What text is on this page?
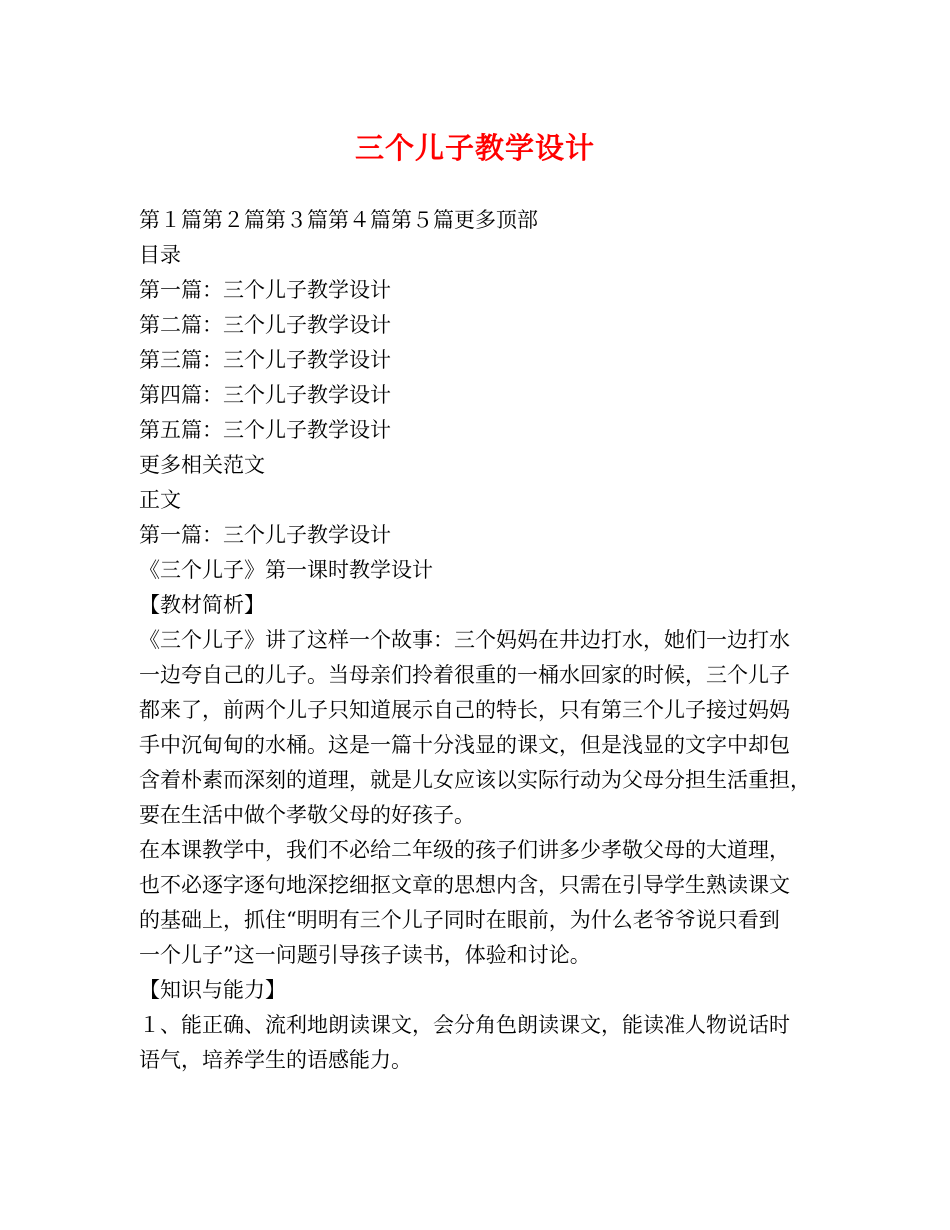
三个儿子教学设计
第１篇第２篇第３篇第４篇第５篇更多顶部
目录
第一篇：三个儿子教学设计
第二篇：三个儿子教学设计
第三篇：三个儿子教学设计
第四篇：三个儿子教学设计
第五篇：三个儿子教学设计
更多相关范文
正文
第一篇：三个儿子教学设计
《三个儿子》第一课时教学设计
【教材简析】
《三个儿子》讲了这样一个故事：三个妈妈在井边打水，她们一边打水
一边夸自己的儿子。当母亲们拎着很重的一桶水回家的时候，三个儿子
都来了，前两个儿子只知道展示自己的特长，只有第三个儿子接过妈妈
手中沉甸甸的水桶。这是一篇十分浅显的课文，但是浅显的文字中却包
含着朴素而深刻的道理，就是儿女应该以实际行动为父母分担生活重担，
要在生活中做个孝敬父母的好孩子。
在本课教学中，我们不必给二年级的孩子们讲多少孝敬父母的大道理，
也不必逐字逐句地深挖细抠文章的思想内含，只需在引导学生熟读课文
的基础上，抓住“明明有三个儿子同时在眼前，为什么老爷爷说只看到
一个儿子”这一问题引导孩子读书，体验和讨论。
【知识与能力】
１、能正确、流利地朗读课文，会分角色朗读课文，能读准人物说话时
语气，培养学生的语感能力。
